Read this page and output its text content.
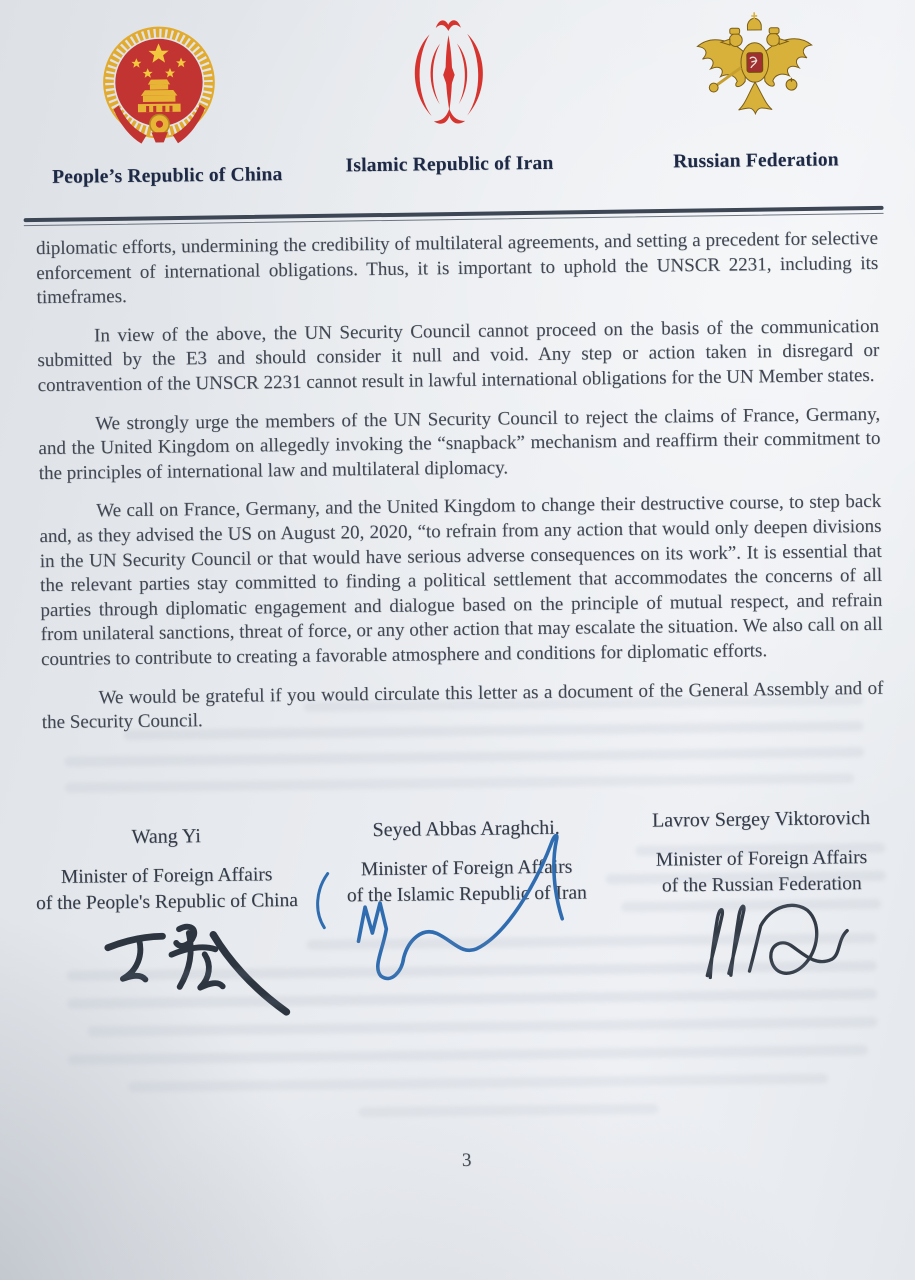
People’s Republic of China	Islamic Republic of Iran	Russian Federation

diplomatic efforts, undermining the credibility of multilateral agreements, and setting a precedent for selective enforcement of international obligations. Thus, it is important to uphold the UNSCR 2231, including its timeframes.

In view of the above, the UN Security Council cannot proceed on the basis of the communication submitted by the E3 and should consider it null and void. Any step or action taken in disregard or contravention of the UNSCR 2231 cannot result in lawful international obligations for the UN Member states.

We strongly urge the members of the UN Security Council to reject the claims of France, Germany, and the United Kingdom on allegedly invoking the “snapback” mechanism and reaffirm their commitment to the principles of international law and multilateral diplomacy.

We call on France, Germany, and the United Kingdom to change their destructive course, to step back and, as they advised the US on August 20, 2020, “to refrain from any action that would only deepen divisions in the UN Security Council or that would have serious adverse consequences on its work”. It is essential that the relevant parties stay committed to finding a political settlement that accommodates the concerns of all parties through diplomatic engagement and dialogue based on the principle of mutual respect, and refrain from unilateral sanctions, threat of force, or any other action that may escalate the situation. We also call on all countries to contribute to creating a favorable atmosphere and conditions for diplomatic efforts.

We would be grateful if you would circulate this letter as a document of the General Assembly and of the Security Council.

Wang Yi
Minister of Foreign Affairs
of the People's Republic of China
Seyed Abbas Araghchi.
Minister of Foreign Affairs
of the Islamic Republic of Iran
Lavrov Sergey Viktorovich
Minister of Foreign Affairs
of the Russian Federation
3
